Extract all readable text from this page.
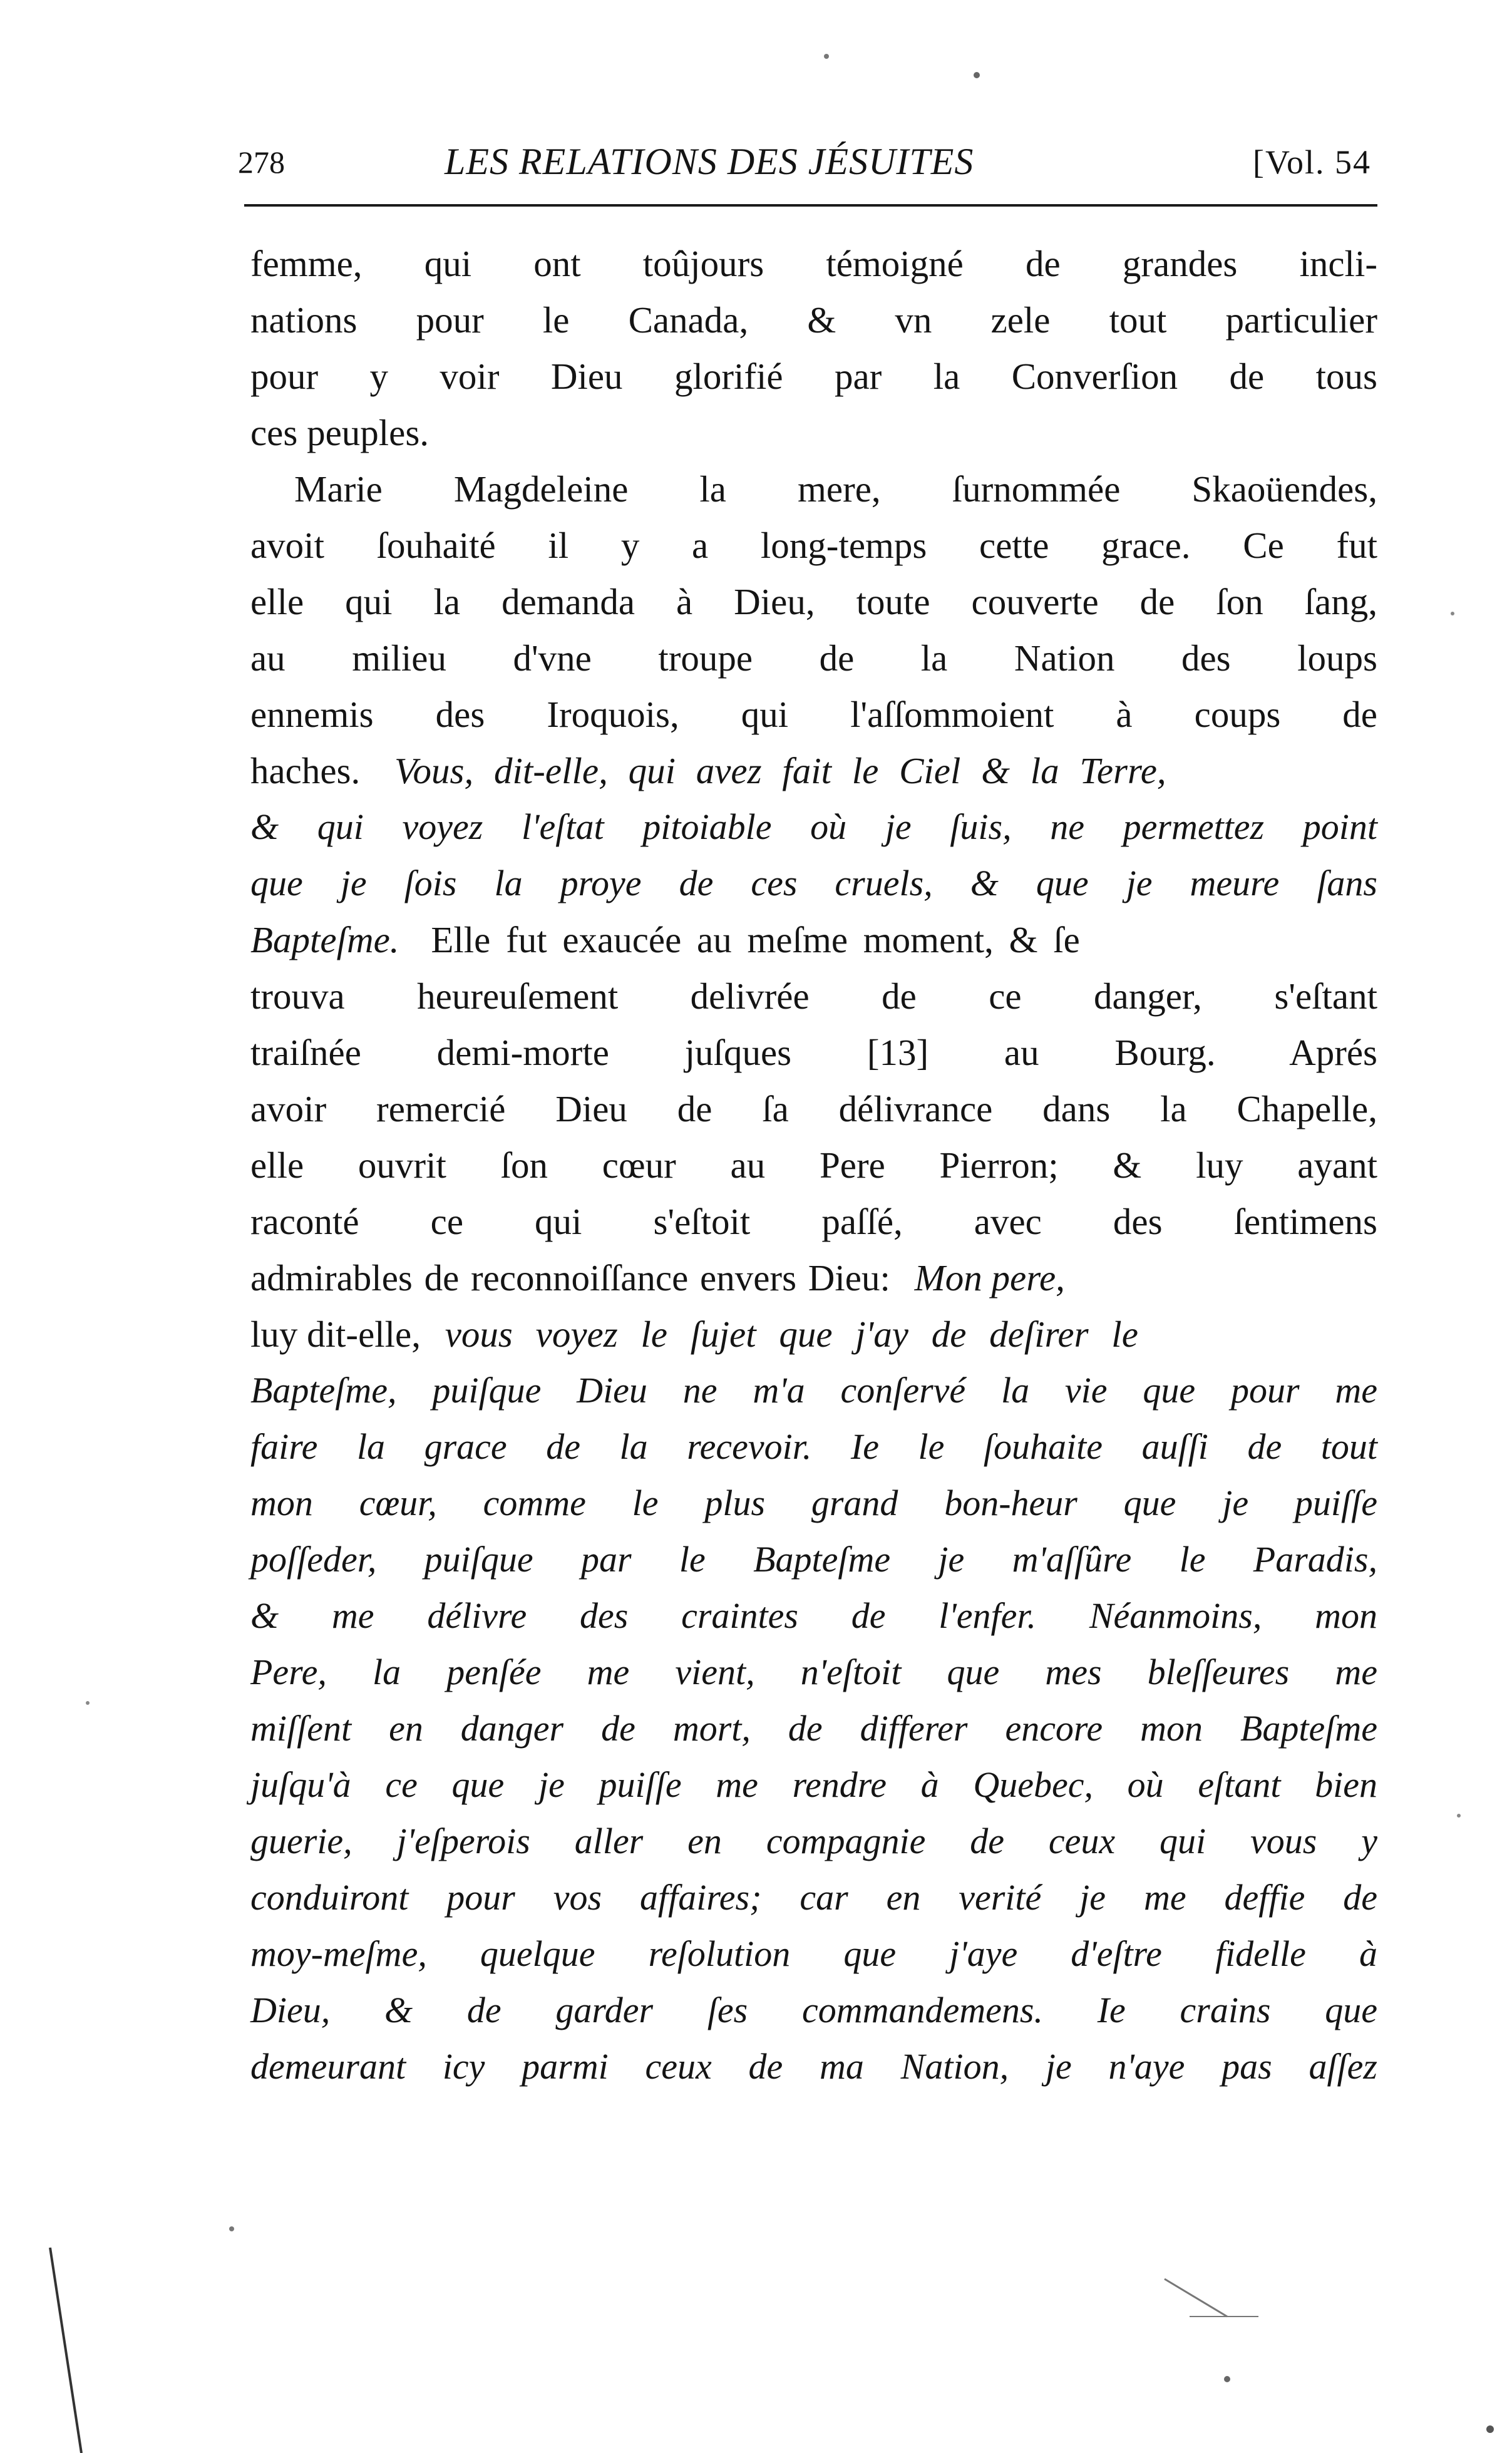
278	LES RELATIONS DES JÉSUITES	[Vol. 54
femme, qui ont toûjours témoigné de grandes incli-
nations pour le Canada, & vn zele tout particulier
pour y voir Dieu glorifié par la Converſion de tous
ces peuples.
Marie Magdeleine la mere, ſurnommée Skaoüendes,
avoit ſouhaité il y a long-temps cette grace. Ce fut
elle qui la demanda à Dieu, toute couverte de ſon ſang,
au milieu d'vne troupe de la Nation des loups
ennemis des Iroquois, qui l'aſſommoient à coups de
haches. Vous, dit-elle, qui avez fait le Ciel & la Terre,
& qui voyez l'eſtat pitoiable où je ſuis, ne permettez point
que je ſois la proye de ces cruels, & que je meure ſans
Bapteſme. Elle fut exaucée au meſme moment, & ſe
trouva heureuſement delivrée de ce danger, s'eſtant
traiſnée demi-morte juſques [13] au Bourg. Aprés
avoir remercié Dieu de ſa délivrance dans la Chapelle,
elle ouvrit ſon cœur au Pere Pierron; & luy ayant
raconté ce qui s'eſtoit paſſé, avec des ſentimens
admirables de reconnoiſſance envers Dieu: Mon pere,
luy dit-elle, vous voyez le ſujet que j'ay de deſirer le
Bapteſme, puiſque Dieu ne m'a conſervé la vie que pour me
faire la grace de la recevoir. Ie le ſouhaite auſſi de tout
mon cœur, comme le plus grand bon-heur que je puiſſe
poſſeder, puiſque par le Bapteſme je m'aſſûre le Paradis,
& me délivre des craintes de l'enfer. Néanmoins, mon
Pere, la penſée me vient, n'eſtoit que mes bleſſeures me
miſſent en danger de mort, de differer encore mon Bapteſme
juſqu'à ce que je puiſſe me rendre à Quebec, où eſtant bien
guerie, j'eſperois aller en compagnie de ceux qui vous y
conduiront pour vos affaires; car en verité je me deffie de
moy-meſme, quelque reſolution que j'aye d'eſtre fidelle à
Dieu, & de garder ſes commandemens. Ie crains que
demeurant icy parmi ceux de ma Nation, je n'aye pas aſſez
